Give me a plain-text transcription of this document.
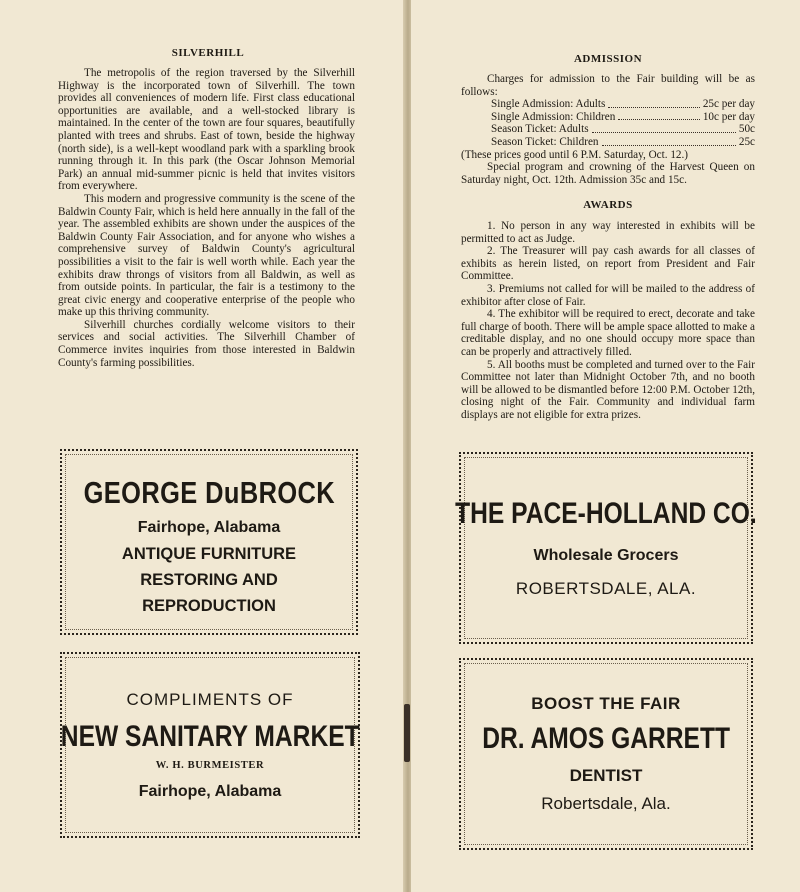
SILVERHILL

The metropolis of the region traversed by the Silverhill Highway is the incorporated town of Silverhill. The town provides all conveniences of modern life. First class educational opportunities are available, and a well-stocked library is maintained. In the center of the town are four squares, beautifully planted with trees and shrubs. East of town, beside the highway (north side), is a well-kept woodland park with a sparkling brook running through it. In this park (the Oscar Johnson Memorial Park) an annual mid-summer picnic is held that invites visitors from everywhere.

This modern and progressive community is the scene of the Baldwin County Fair, which is held here annually in the fall of the year. The assembled exhibits are shown under the auspices of the Baldwin County Fair Association, and for anyone who wishes a comprehensive survey of Baldwin County's agricultural possibilities a visit to the fair is well worth while. Each year the exhibits draw throngs of visitors from all Baldwin, as well as from outside points. In particular, the fair is a testimony to the great civic energy and cooperative enterprise of the people who make up this thriving community.

Silverhill churches cordially welcome visitors to their services and social activities. The Silverhill Chamber of Commerce invites inquiries from those interested in Baldwin County's farming possibilities.

GEORGE DuBROCK
Fairhope, Alabama
ANTIQUE FURNITURE
RESTORING AND
REPRODUCTION
COMPLIMENTS OF
NEW SANITARY MARKET
W. H. BURMEISTER
Fairhope, Alabama
ADMISSION
Charges for admission to the Fair building will be as follows:
Single Admission: Adults	25c per day
Single Admission: Children	10c per day
Season Ticket: Adults	50c
Season Ticket: Children	25c
(These prices good until 6 P.M. Saturday, Oct. 12.)
Special program and crowning of the Harvest Queen on Saturday night, Oct. 12th. Admission 35c and 15c.
AWARDS
1. No person in any way interested in exhibits will be permitted to act as Judge.
2. The Treasurer will pay cash awards for all classes of exhibits as herein listed, on report from President and Fair Committee.
3. Premiums not called for will be mailed to the address of exhibitor after close of Fair.
4. The exhibitor will be required to erect, decorate and take full charge of booth. There will be ample space allotted to make a creditable display, and no one should occupy more space than can be properly and attractively filled.
5. All booths must be completed and turned over to the Fair Committee not later than Midnight October 7th, and no booth will be allowed to be dismantled before 12:00 P.M. October 12th, closing night of the Fair. Community and individual farm displays are not eligible for extra prizes.
THE PACE-HOLLAND CO.
Wholesale Grocers
ROBERTSDALE, ALA.
BOOST THE FAIR
DR. AMOS GARRETT
DENTIST
Robertsdale, Ala.
